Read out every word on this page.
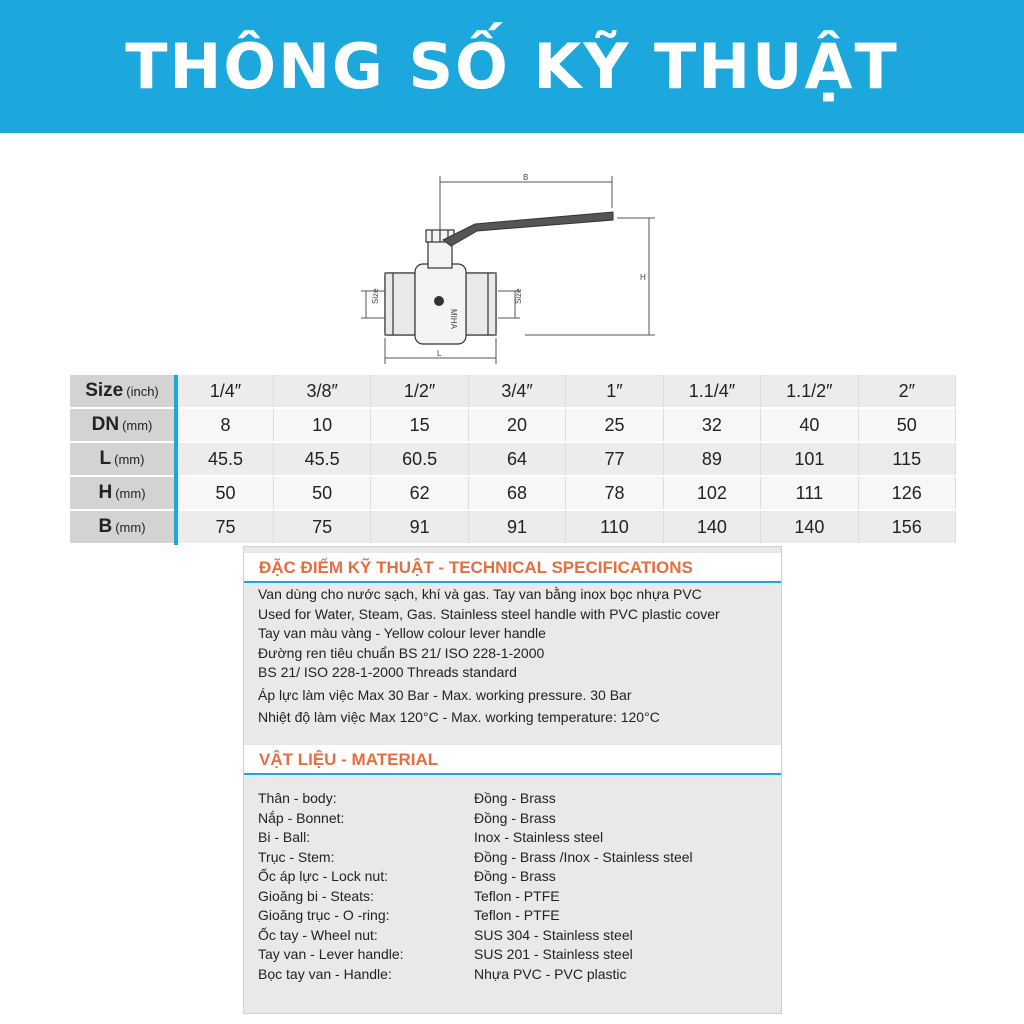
THÔNG SỐ KỸ THUẬT
MIHA
B
H
L
Size	Size
Size (inch)	1/4″	3/8″	1/2″	3/4″	1″	1.1/4″	1.1/2″	2″
DN (mm)	8	10	15	20	25	32	40	50
L (mm)	45.5	45.5	60.5	64	77	89	101	115
H (mm)	50	50	62	68	78	102	111	126
B (mm)	75	75	91	91	110	140	140	156
ĐẶC ĐIỂM KỸ THUẬT - TECHNICAL SPECIFICATIONS
Van dùng cho nước sạch, khí và gas. Tay van bằng inox bọc nhựa PVC
Used for Water, Steam, Gas. Stainless steel handle with PVC plastic cover
Tay van màu vàng - Yellow colour lever handle
Đường ren tiêu chuẩn BS 21/ ISO 228-1-2000
BS 21/ ISO 228-1-2000 Threads standard
Áp lực làm việc Max 30 Bar - Max. working pressure. 30 Bar
Nhiệt độ làm việc Max 120°C - Max. working temperature: 120°C
VẬT LIỆU - MATERIAL
Thân - body:	Đồng - Brass
Nắp - Bonnet:	Đồng - Brass
Bi - Ball:	Inox - Stainless steel
Trục - Stem:	Đồng - Brass /Inox - Stainless steel
Ốc áp lực - Lock nut:	Đồng - Brass
Gioăng bi - Steats:	Teflon - PTFE
Gioăng trục - O -ring:	Teflon - PTFE
Ốc tay - Wheel nut:	SUS 304 - Stainless steel
Tay van - Lever handle:	SUS 201 - Stainless steel
Bọc tay van - Handle:	Nhựa PVC - PVC plastic
